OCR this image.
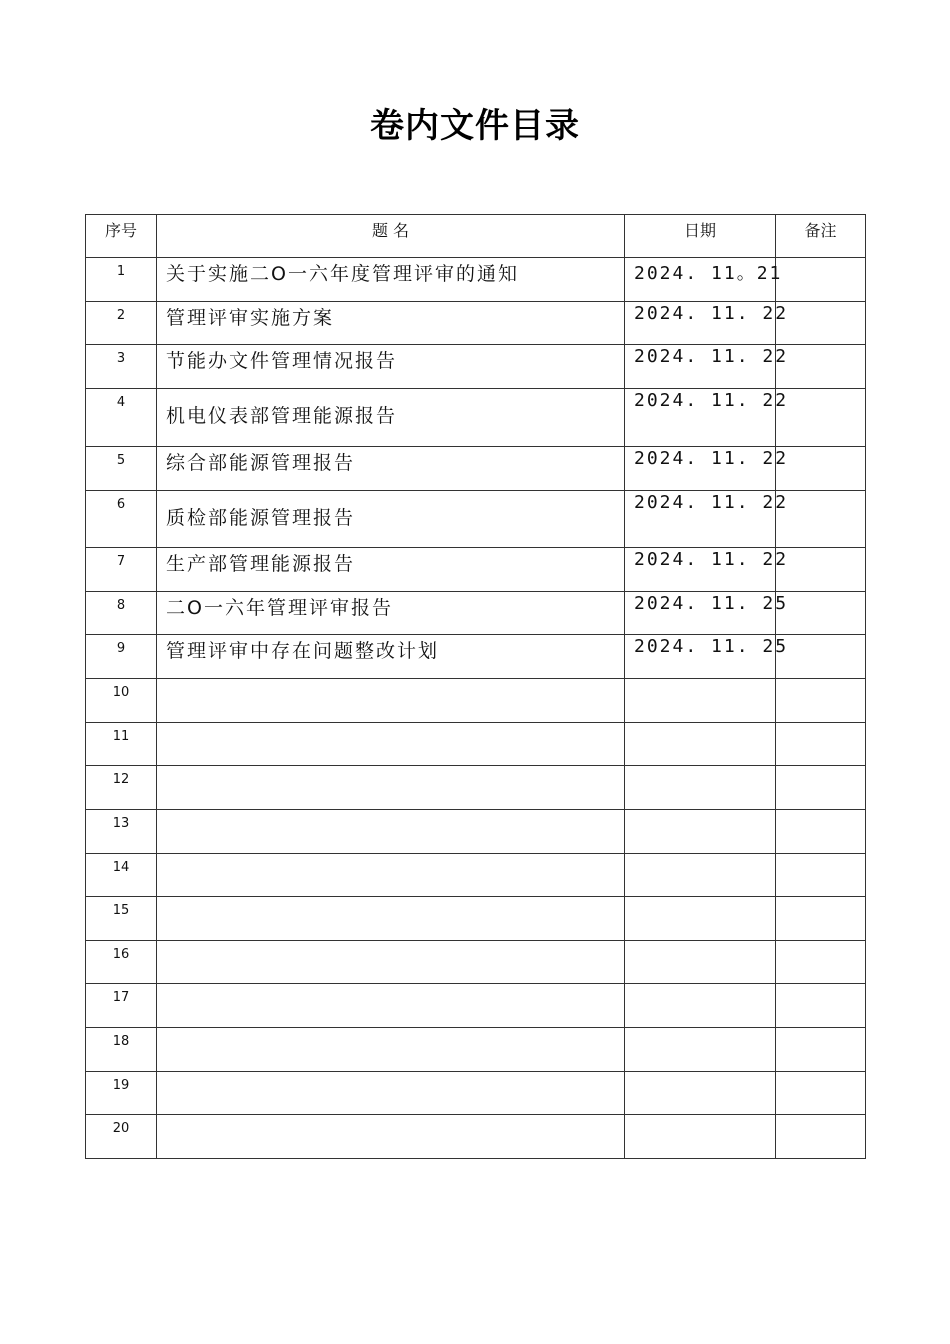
卷内文件目录
序号	题 名	日期	备注

1	关于实施二O一六年度管理评审的通知	2024. 11。21	

2	管理评审实施方案	2024. 11. 22	

3	节能办文件管理情况报告	2024. 11. 22	

4	机电仪表部管理能源报告	2024. 11. 22	

5	综合部能源管理报告	2024. 11. 22	

6	质检部能源管理报告	2024. 11. 22	

7	生产部管理能源报告	2024. 11. 22	

8	二O一六年管理评审报告	2024. 11. 25	

9	管理评审中存在问题整改计划	2024. 11. 25	

10			

11			

12			

13			

14			

15			

16			

17			

18			

19			

20			
